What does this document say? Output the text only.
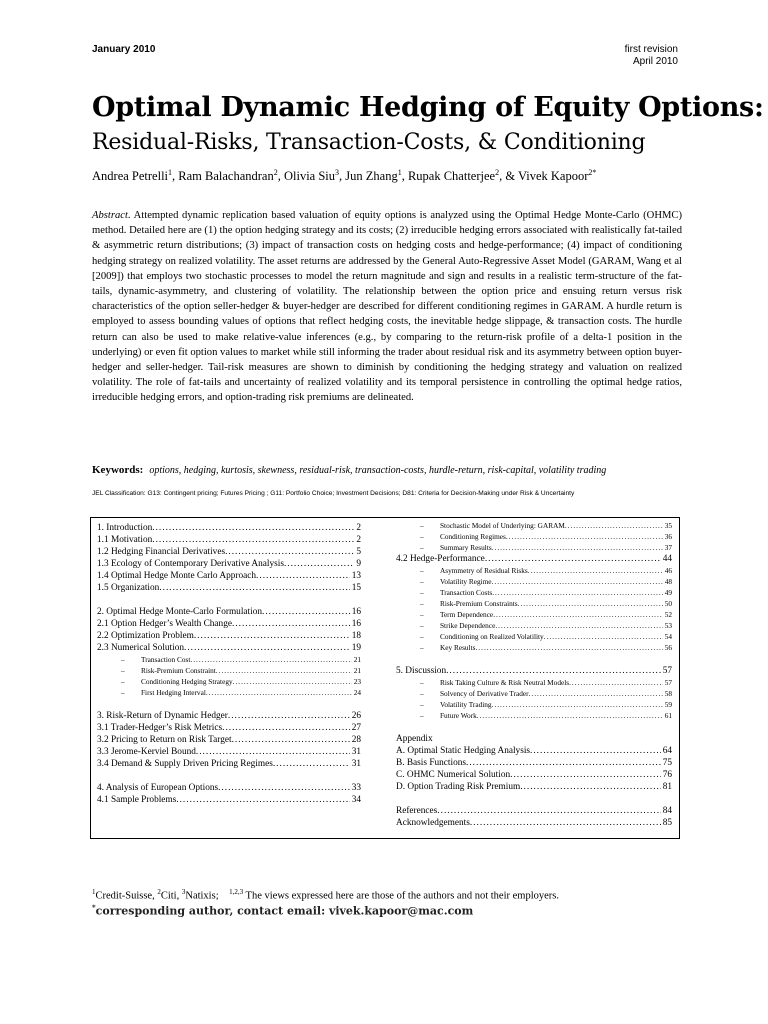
January 2010	first revision
April 2010
Optimal Dynamic Hedging of Equity Options:
Residual-Risks, Transaction-Costs, & Conditioning
Andrea Petrelli$^1$, Ram Balachandran$^2$, Olivia Siu$^3$, Jun Zhang$^1$, Rupak Chatterjee$^2$, & Vivek Kapoor$^{2*}$

Abstract. Attempted dynamic replication based valuation of equity options is analyzed using the Optimal Hedge Monte-Carlo (OHMC) method. Detailed here are (1) the option hedging strategy and its costs; (2) irreducible hedging errors associated with realistically fat-tailed & asymmetric return distributions; (3) impact of transaction costs on hedging costs and hedge-performance; (4) impact of conditioning hedging strategy on realized volatility. The asset returns are addressed by the General Auto-Regressive Asset Model (GARAM, Wang et al [2009]) that employs two stochastic processes to model the return magnitude and sign and results in a realistic term-structure of the fat-tails, dynamic-asymmetry, and clustering of volatility. The relationship between the option price and ensuing return versus risk characteristics of the option seller-hedger & buyer-hedger are described for different conditioning regimes in GARAM. A hurdle return is employed to assess bounding values of options that reflect hedging costs, the inevitable hedge slippage, & transaction costs. The hurdle return can also be used to make relative-value inferences (e.g., by comparing to the return-risk profile of a delta-1 position in the underlying) or even fit option values to market while still informing the trader about residual risk and its asymmetry between option buyer-hedger and seller-hedger. Tail-risk measures are shown to diminish by conditioning the hedging strategy and valuation on realized volatility. The role of fat-tails and uncertainty of realized volatility and its temporal persistence in controlling the optimal hedge ratios, irreducible hedging errors, and option-trading risk premiums are delineated.

Keywords: options, hedging, kurtosis, skewness, residual-risk, transaction-costs, hurdle-return, risk-capital, volatility trading
JEL Classification: G13: Contingent pricing; Futures Pricing ; G11: Portfolio Choice; Investment Decisions; D81: Criteria for Decision-Making under Risk & Uncertainty
1. Introduction .....	2
1.1 Motivation .....	2
1.2 Hedging Financial Derivatives .....	5
1.3 Ecology of Contemporary Derivative Analysis .....	9
1.4 Optimal Hedge Monte Carlo Approach .....	13
1.5 Organization .....	15
2. Optimal Hedge Monte-Carlo Formulation .....	16
2.1 Option Hedger’s Wealth Change .....	16
2.2 Optimization Problem .....	18
2.3 Numerical Solution .....	19
– Transaction Cost .....	21
– Risk-Premium Constraint .....	21
– Conditioning Hedging Strategy .....	23
– First Hedging Interval .....	24
3. Risk-Return of Dynamic Hedger .....	26
3.1 Trader-Hedger’s Risk Metrics .....	27
3.2 Pricing to Return on Risk Target .....	28
3.3 Jerome-Kerviel Bound .....	31
3.4 Demand & Supply Driven Pricing Regimes .....	31
4. Analysis of European Options .....	33
4.1 Sample Problems .....	34
– Stochastic Model of Underlying: GARAM .....	35
– Conditioning Regimes .....	36
– Summary Results .....	37
4.2 Hedge-Performance .....	44
– Asymmetry of Residual Risks .....	46
– Volatility Regime .....	48
– Transaction Costs .....	49
– Risk-Premium Constraints .....	50
– Term Dependence .....	52
– Strike Dependence .....	53
– Conditioning on Realized Volatility .....	54
– Key Results .....	56
5. Discussion .....	57
– Risk Taking Culture & Risk Neutral Models .....	57
– Solvency of Derivative Trader .....	58
– Volatility Trading .....	59
– Future Work .....	61
Appendix
A. Optimal Static Hedging Analysis .....	64
B. Basis Functions .....	75
C. OHMC Numerical Solution .....	76
D. Option Trading Risk Premium .....	81
References .....	84
Acknowledgements .....	85
$^1$Credit-Suisse, $^2$Citi, $^3$Natixis; $^{1,2,3}$ The views expressed here are those of the authors and not their employers.
*corresponding author, contact email: vivek.kapoor@mac.com
